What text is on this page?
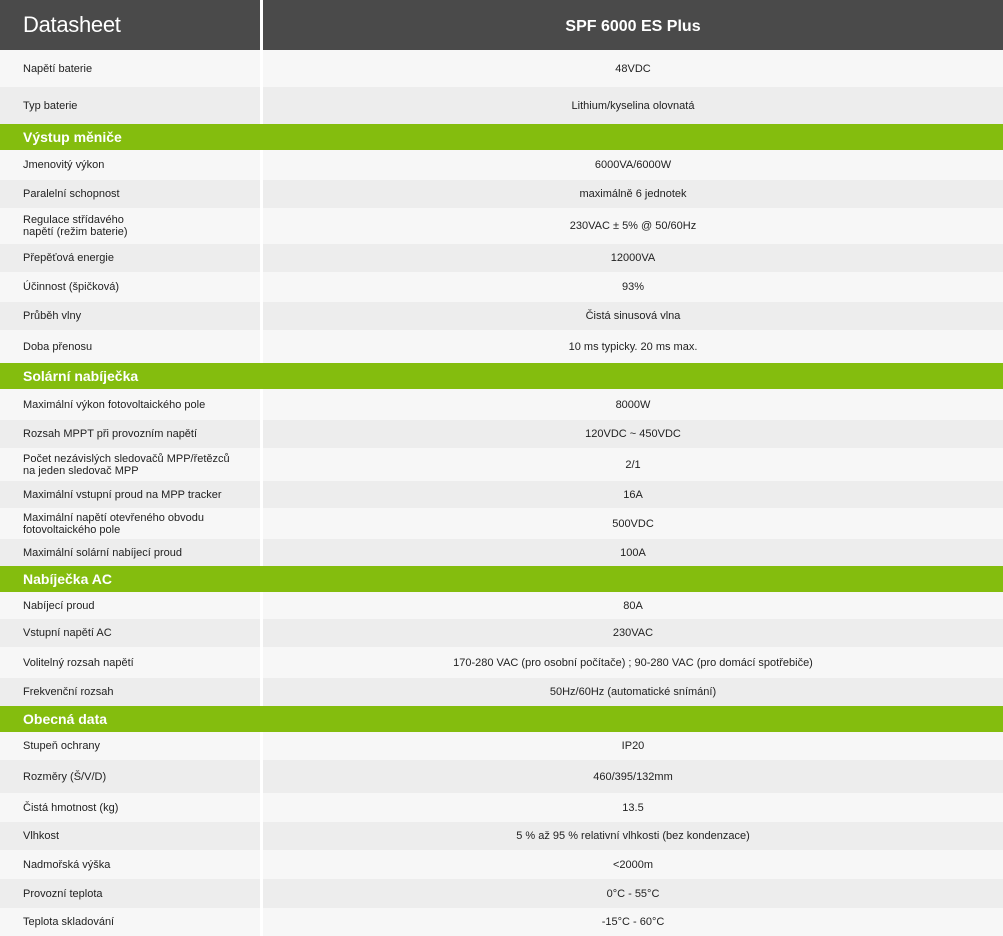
Datasheet	SPF 6000 ES Plus
Napětí baterie	48VDC
Typ baterie	Lithium/kyselina olovnatá
Výstup měniče
Jmenovitý výkon	6000VA/6000W
Paralelní schopnost	maximálně 6 jednotek
Regulace střídavého
napětí (režim baterie)	230VAC ± 5% @ 50/60Hz
Přepěťová energie	12000VA
Účinnost (špičková)	93%
Průběh vlny	Čistá sinusová vlna
Doba přenosu	10 ms typicky. 20 ms max.
Solární nabíječka
Maximální výkon fotovoltaického pole	8000W
Rozsah MPPT při provozním napětí	120VDC ~ 450VDC
Počet nezávislých sledovačů MPP/řetězců
na jeden sledovač MPP	2/1
Maximální vstupní proud na MPP tracker	16A
Maximální napětí otevřeného obvodu
fotovoltaického pole	500VDC
Maximální solární nabíjecí proud	100A
Nabíječka AC
Nabíjecí proud	80A
Vstupní napětí AC	230VAC
Volitelný rozsah napětí	170-280 VAC (pro osobní počítače) ; 90-280 VAC (pro domácí spotřebiče)
Frekvenční rozsah	50Hz/60Hz (automatické snímání)
Obecná data
Stupeň ochrany	IP20
Rozměry (Š/V/D)	460/395/132mm
Čistá hmotnost (kg)	13.5
Vlhkost	5 % až 95 % relativní vlhkosti (bez kondenzace)
Nadmořská výška	<2000m
Provozní teplota	0°C - 55°C
Teplota skladování	-15°C - 60°C
